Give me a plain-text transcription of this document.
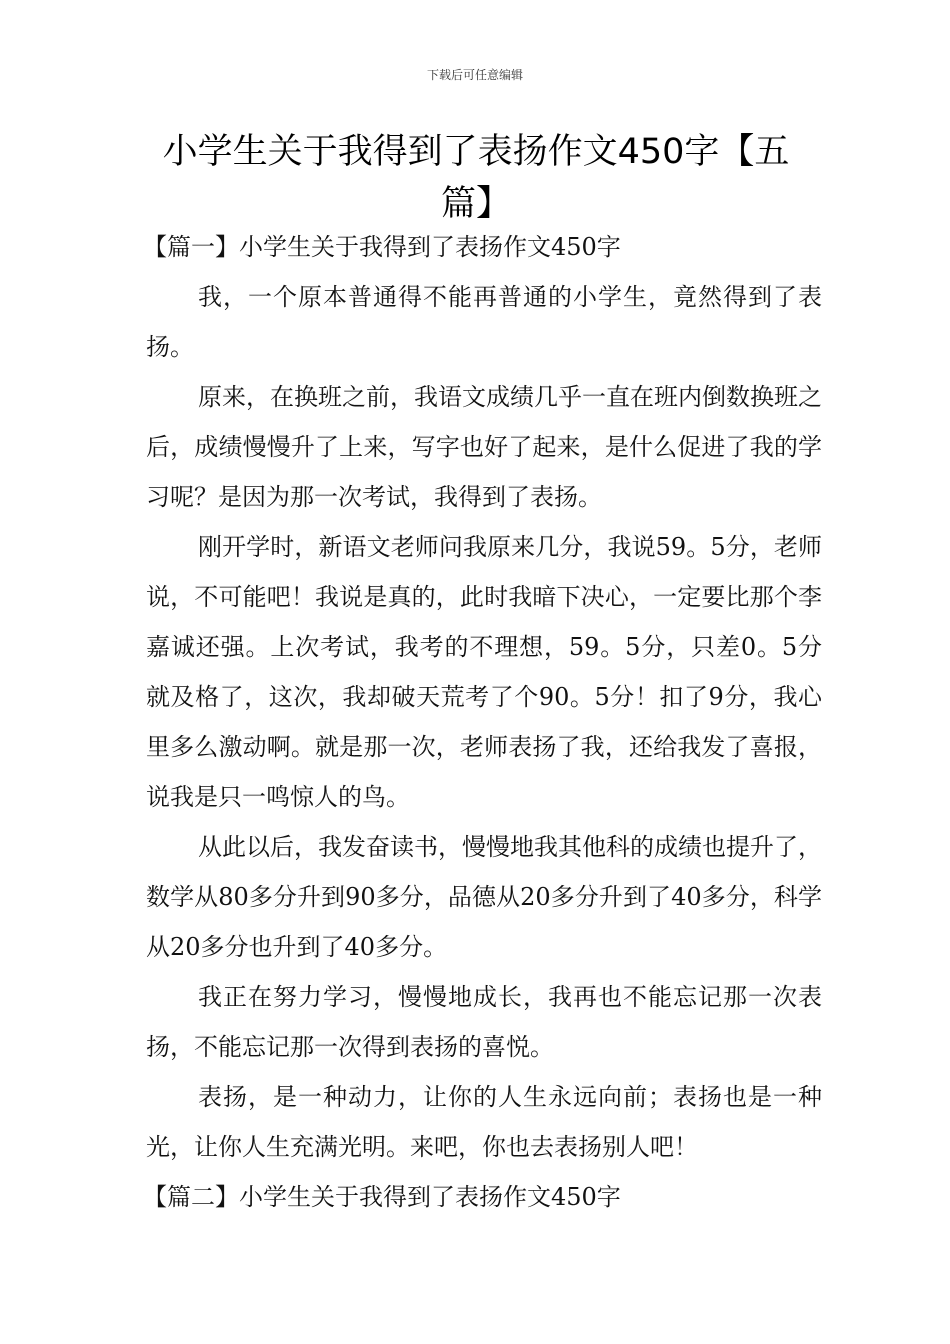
下载后可任意编辑
小学生关于我得到了表扬作文450字【五篇】

【篇一】小学生关于我得到了表扬作文450字

我，一个原本普通得不能再普通的小学生，竟然得到了表扬。

原来，在换班之前，我语文成绩几乎一直在班内倒数换班之后，成绩慢慢升了上来，写字也好了起来，是什么促进了我的学习呢？是因为那一次考试，我得到了表扬。

刚开学时，新语文老师问我原来几分，我说59。5分，老师说，不可能吧！我说是真的，此时我暗下决心，一定要比那个李嘉诚还强。上次考试，我考的不理想，59。5分，只差0。5分就及格了，这次，我却破天荒考了个90。5分！扣了9分，我心里多么激动啊。就是那一次，老师表扬了我，还给我发了喜报，说我是只一鸣惊人的鸟。

从此以后，我发奋读书，慢慢地我其他科的成绩也提升了，数学从80多分升到90多分，品德从20多分升到了40多分，科学从20多分也升到了40多分。

我正在努力学习，慢慢地成长，我再也不能忘记那一次表扬，不能忘记那一次得到表扬的喜悦。

表扬，是一种动力，让你的人生永远向前；表扬也是一种光，让你人生充满光明。来吧，你也去表扬别人吧！

【篇二】小学生关于我得到了表扬作文450字
